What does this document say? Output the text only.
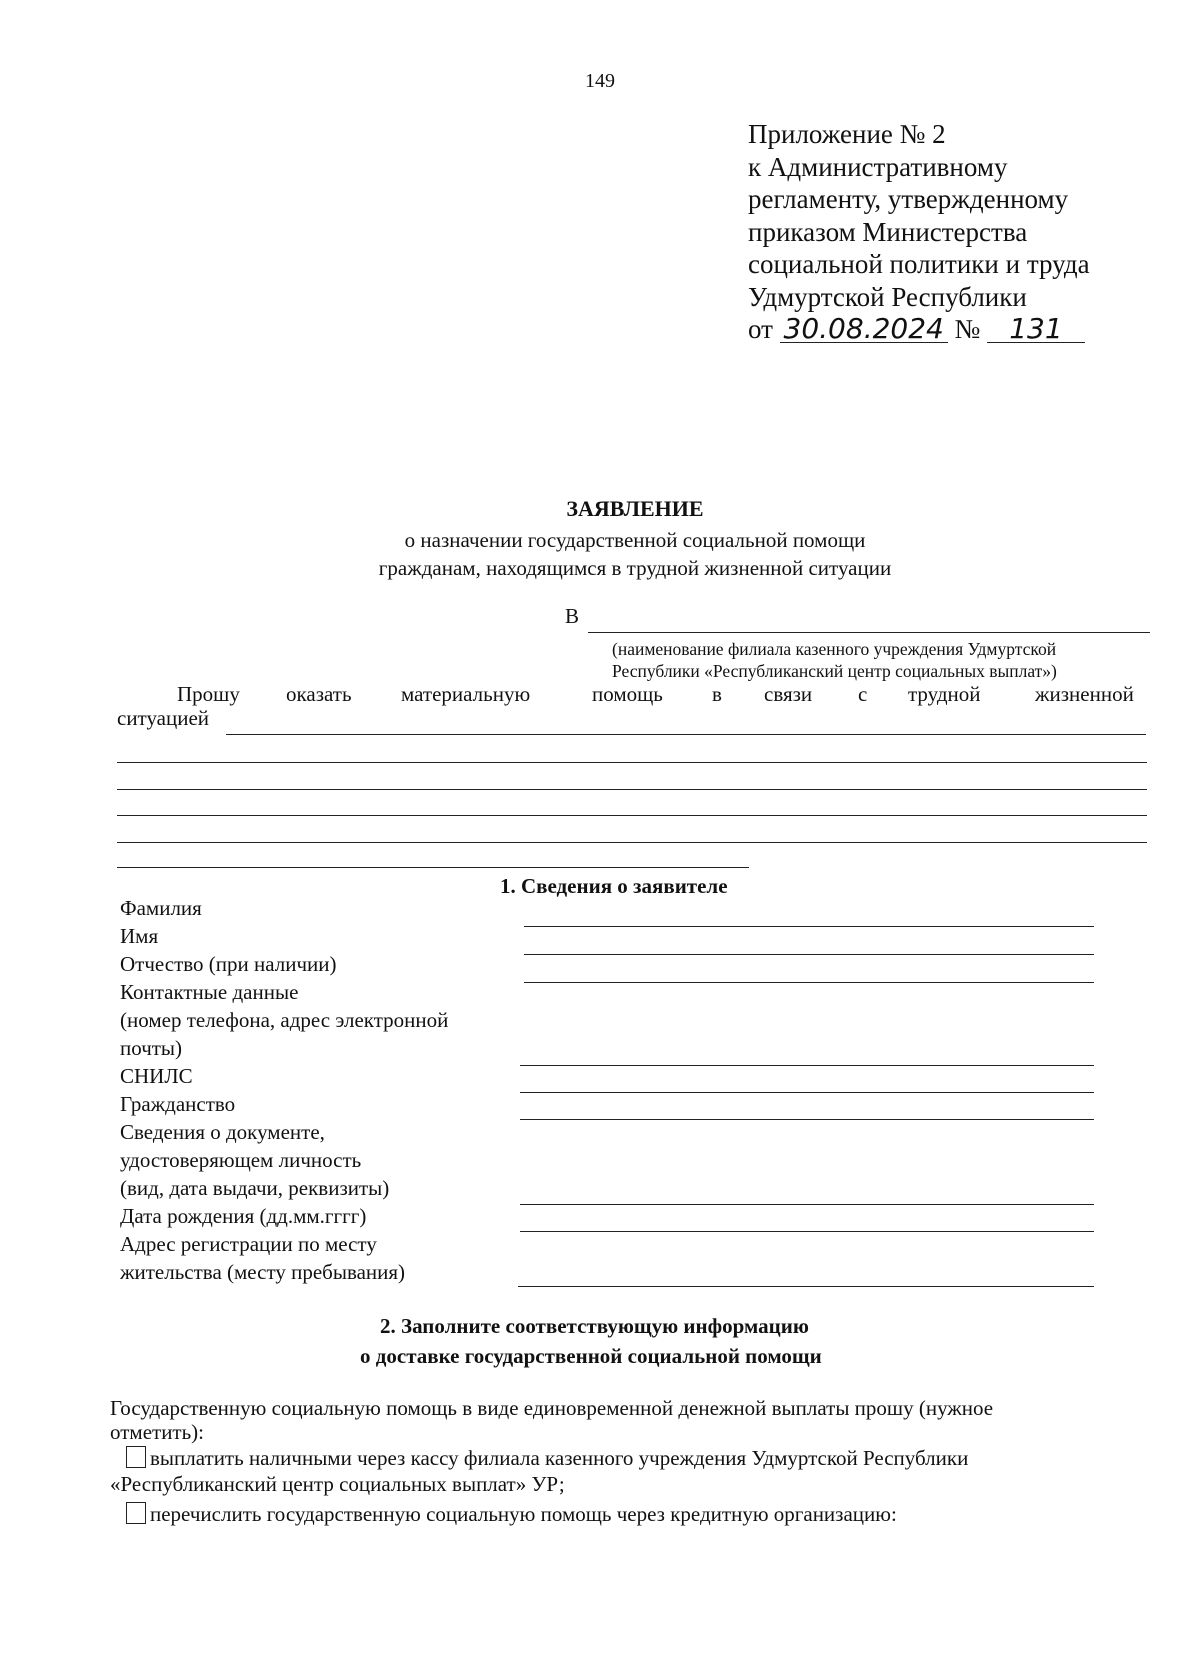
149
Приложение № 2
к Административному
регламенту, утвержденному
приказом Министерства
социальной политики и труда
Удмуртской Республики
от 30.08.2024 № 131
ЗАЯВЛЕНИЕ
о назначении государственной социальной помощи
гражданам, находящимся в трудной жизненной ситуации
В
(наименование филиала казенного учреждения Удмуртской
Республики «Республиканский центр социальных выплат»)
Прошу оказать материальную	помощь в связи с трудной	жизненной
ситуацией
1. Сведения о заявителе
Фамилия
Имя
Отчество (при наличии)
Контактные данные
(номер телефона, адрес электронной
почты)
СНИЛС
Гражданство
Сведения о документе,
удостоверяющем личность
(вид, дата выдачи, реквизиты)
Дата рождения (дд.мм.гггг)
Адрес регистрации по месту
жительства (месту пребывания)
2. Заполните соответствующую информацию
о доставке государственной социальной помощи
Государственную социальную помощь в виде единовременной денежной выплаты прошу (нужное
отметить):
выплатить наличными через кассу филиала казенного учреждения Удмуртской Республики
«Республиканский центр социальных выплат» УР;
перечислить государственную социальную помощь через кредитную организацию:
